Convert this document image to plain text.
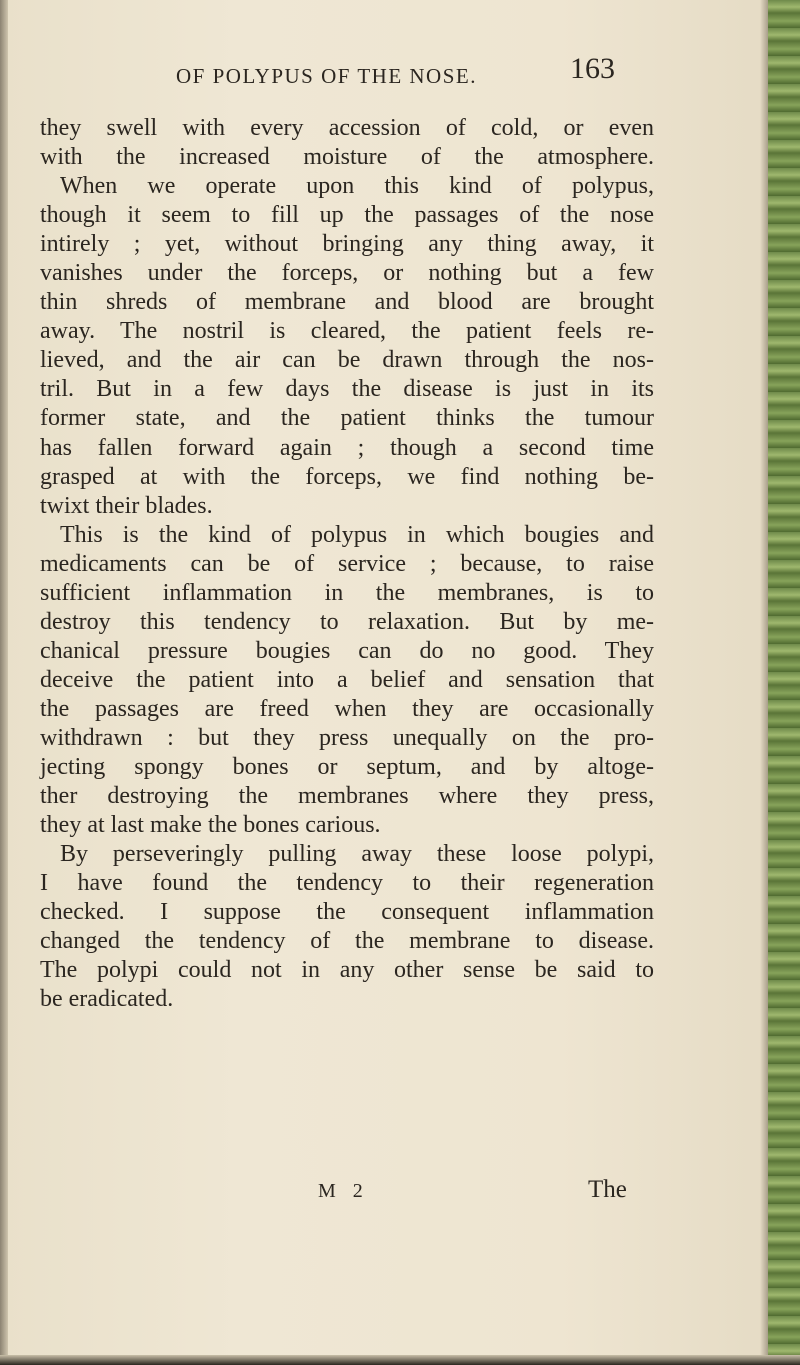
OF POLYPUS OF THE NOSE.	163
they swell with every accession of cold, or even
with the increased moisture of the atmosphere.
When we operate upon this kind of polypus,
though it seem to fill up the passages of the nose
intirely ; yet, without bringing any thing away, it
vanishes under the forceps, or nothing but a few
thin shreds of membrane and blood are brought
away. The nostril is cleared, the patient feels re-
lieved, and the air can be drawn through the nos-
tril. But in a few days the disease is just in its
former state, and the patient thinks the tumour
has fallen forward again ; though a second time
grasped at with the forceps, we find nothing be-
twixt their blades.
This is the kind of polypus in which bougies and
medicaments can be of service ; because, to raise
sufficient inflammation in the membranes, is to
destroy this tendency to relaxation. But by me-
chanical pressure bougies can do no good. They
deceive the patient into a belief and sensation that
the passages are freed when they are occasionally
withdrawn : but they press unequally on the pro-
jecting spongy bones or septum, and by altoge-
ther destroying the membranes where they press,
they at last make the bones carious.
By perseveringly pulling away these loose polypi,
I have found the tendency to their regeneration
checked. I suppose the consequent inflammation
changed the tendency of the membrane to disease.
The polypi could not in any other sense be said to
be eradicated.
M 2	The
